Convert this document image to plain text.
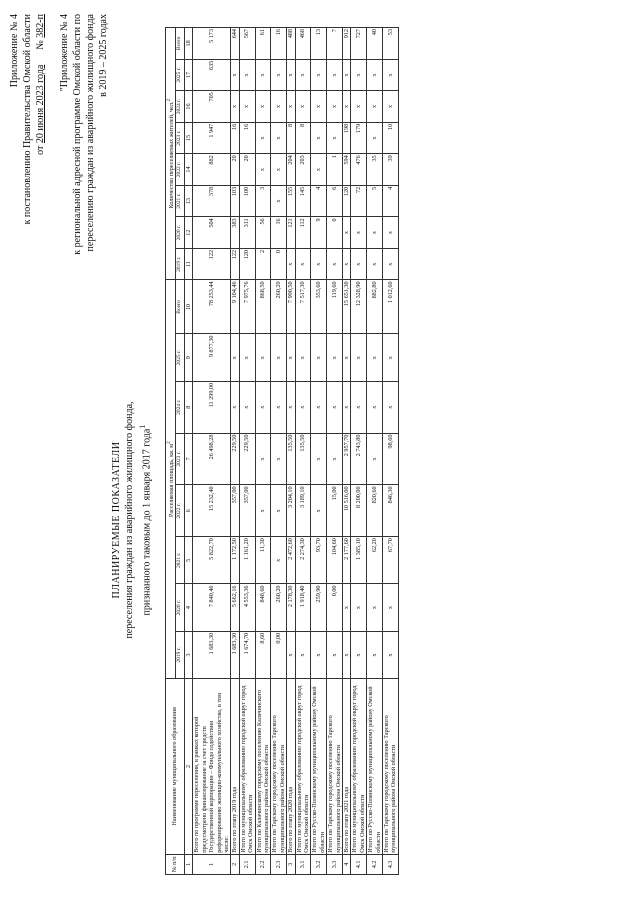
Приложение № 4 к постановлению Правительства Омской области от 20 июня 2023 года      № 382-п "Приложение № 4 к региональной адресной программе Омской области по переселению граждан из аварийного жилищного фонда в 2019 – 2025 годах
ПЛАНИРУЕМЫЕ ПОКАЗАТЕЛИ переселения граждан из аварийного жилищного фонда, признанного таковым до 1 января 2017 года$^1$
№ п/п	Наименование муниципального образования	Расселяемая площадь, кв. $м^2$								Количество переселяемых жителей, чел.$^2$
		2019 г.	2020 г.	2021 г.	2022 г.	2023 г.	2024 г.	2025 г.	Всего	2019 г.	2020 г.	2021 г.	2022 г.	2023 г.	2024 г.	2025 г.	Всего
1	2	3	4	5	6	7	8	9	10	11	12	13	14	15	16	17	18
1	Всего по программе переселения, в рамках которой предусмотрено финансирование за счет средств Государственной корпорации – Фонда содействия реформированию жилищно-коммунального хозяйства, в том числе:	1 683,30	7 840,46	5 822,70	15 232,40	26 498,28	11 299,00	9 877,30	78 253,44	122	504	378	882	1 947	705	635	5 173
2	Всего по этапу 2019 года	1 683,30	5 662,16	1 172,50	357,00	229,50	x	x	9 104,46	122	383	103	20	16	x	x	644
2.1	Итого по муниципальному образованию городской округ город Омск Омской области	1 674,70	4 553,36	1 161,20	357,00	229,50	x	x	7 975,76	120	311	100	20	16	x	x	567
2.2	Итого по Калачинскому городскому поселению Калачинского муниципального района Омской области	8,60	848,60	11,30	x	x	x	x	868,50	2	56	3	x	x	x	x	61
2.3	Итого по Тарскому городскому поселению Тарского муниципального района Омской области	0,00	260,20	x	x	x	x	x	260,20	0	16	x	x	x	x	x	16
3	Всего по этапу 2020 года	x	2 178,30	2 472,60	3 204,10	135,50	x	x	7 990,50	x	121	155	204	8	x	x	488
3.1	Итого по муниципальному образованию городской округ город Омск Омской области	x	1 918,40	2 274,30	3 189,10	135,50	x	x	7 517,30	x	112	145	203	8	x	x	468
3.2	Итого по Русско-Полянскому муниципальному району Омской области	x	259,90	93,70	x	x	x	x	353,60	x	9	4	x	x	x	x	13
3.3	Итого по Тарскому городскому поселению Тарского муниципального района Омской области	x	0,00	104,60	15,00	x	x	x	119,60	x	0	6	1	x	x	x	7
4	Всего по этапу 2021 года	x	x	2 177,60	10 516,00	2 957,70	x	x	15 651,30	x	x	120	594	198	x	x	912
4.1	Итого по муниципальному образованию городской округ город Омск Омской области	x	x	1 385,10	8 200,00	2 743,80	x	x	12 328,90	x	x	72	476	179	x	x	727
4.2	Итого по Русско-Полянскому муниципальному району Омской области	x	x	62,20	820,60	x	x	x	882,80	x	x	5	35	x	x	x	40
4.3	Итого по Тарскому городскому поселению Тарского муниципального района Омской области	x	x	67,70	846,30	98,60	x	x	1 012,60	x	x	4	39	10	x	x	53
